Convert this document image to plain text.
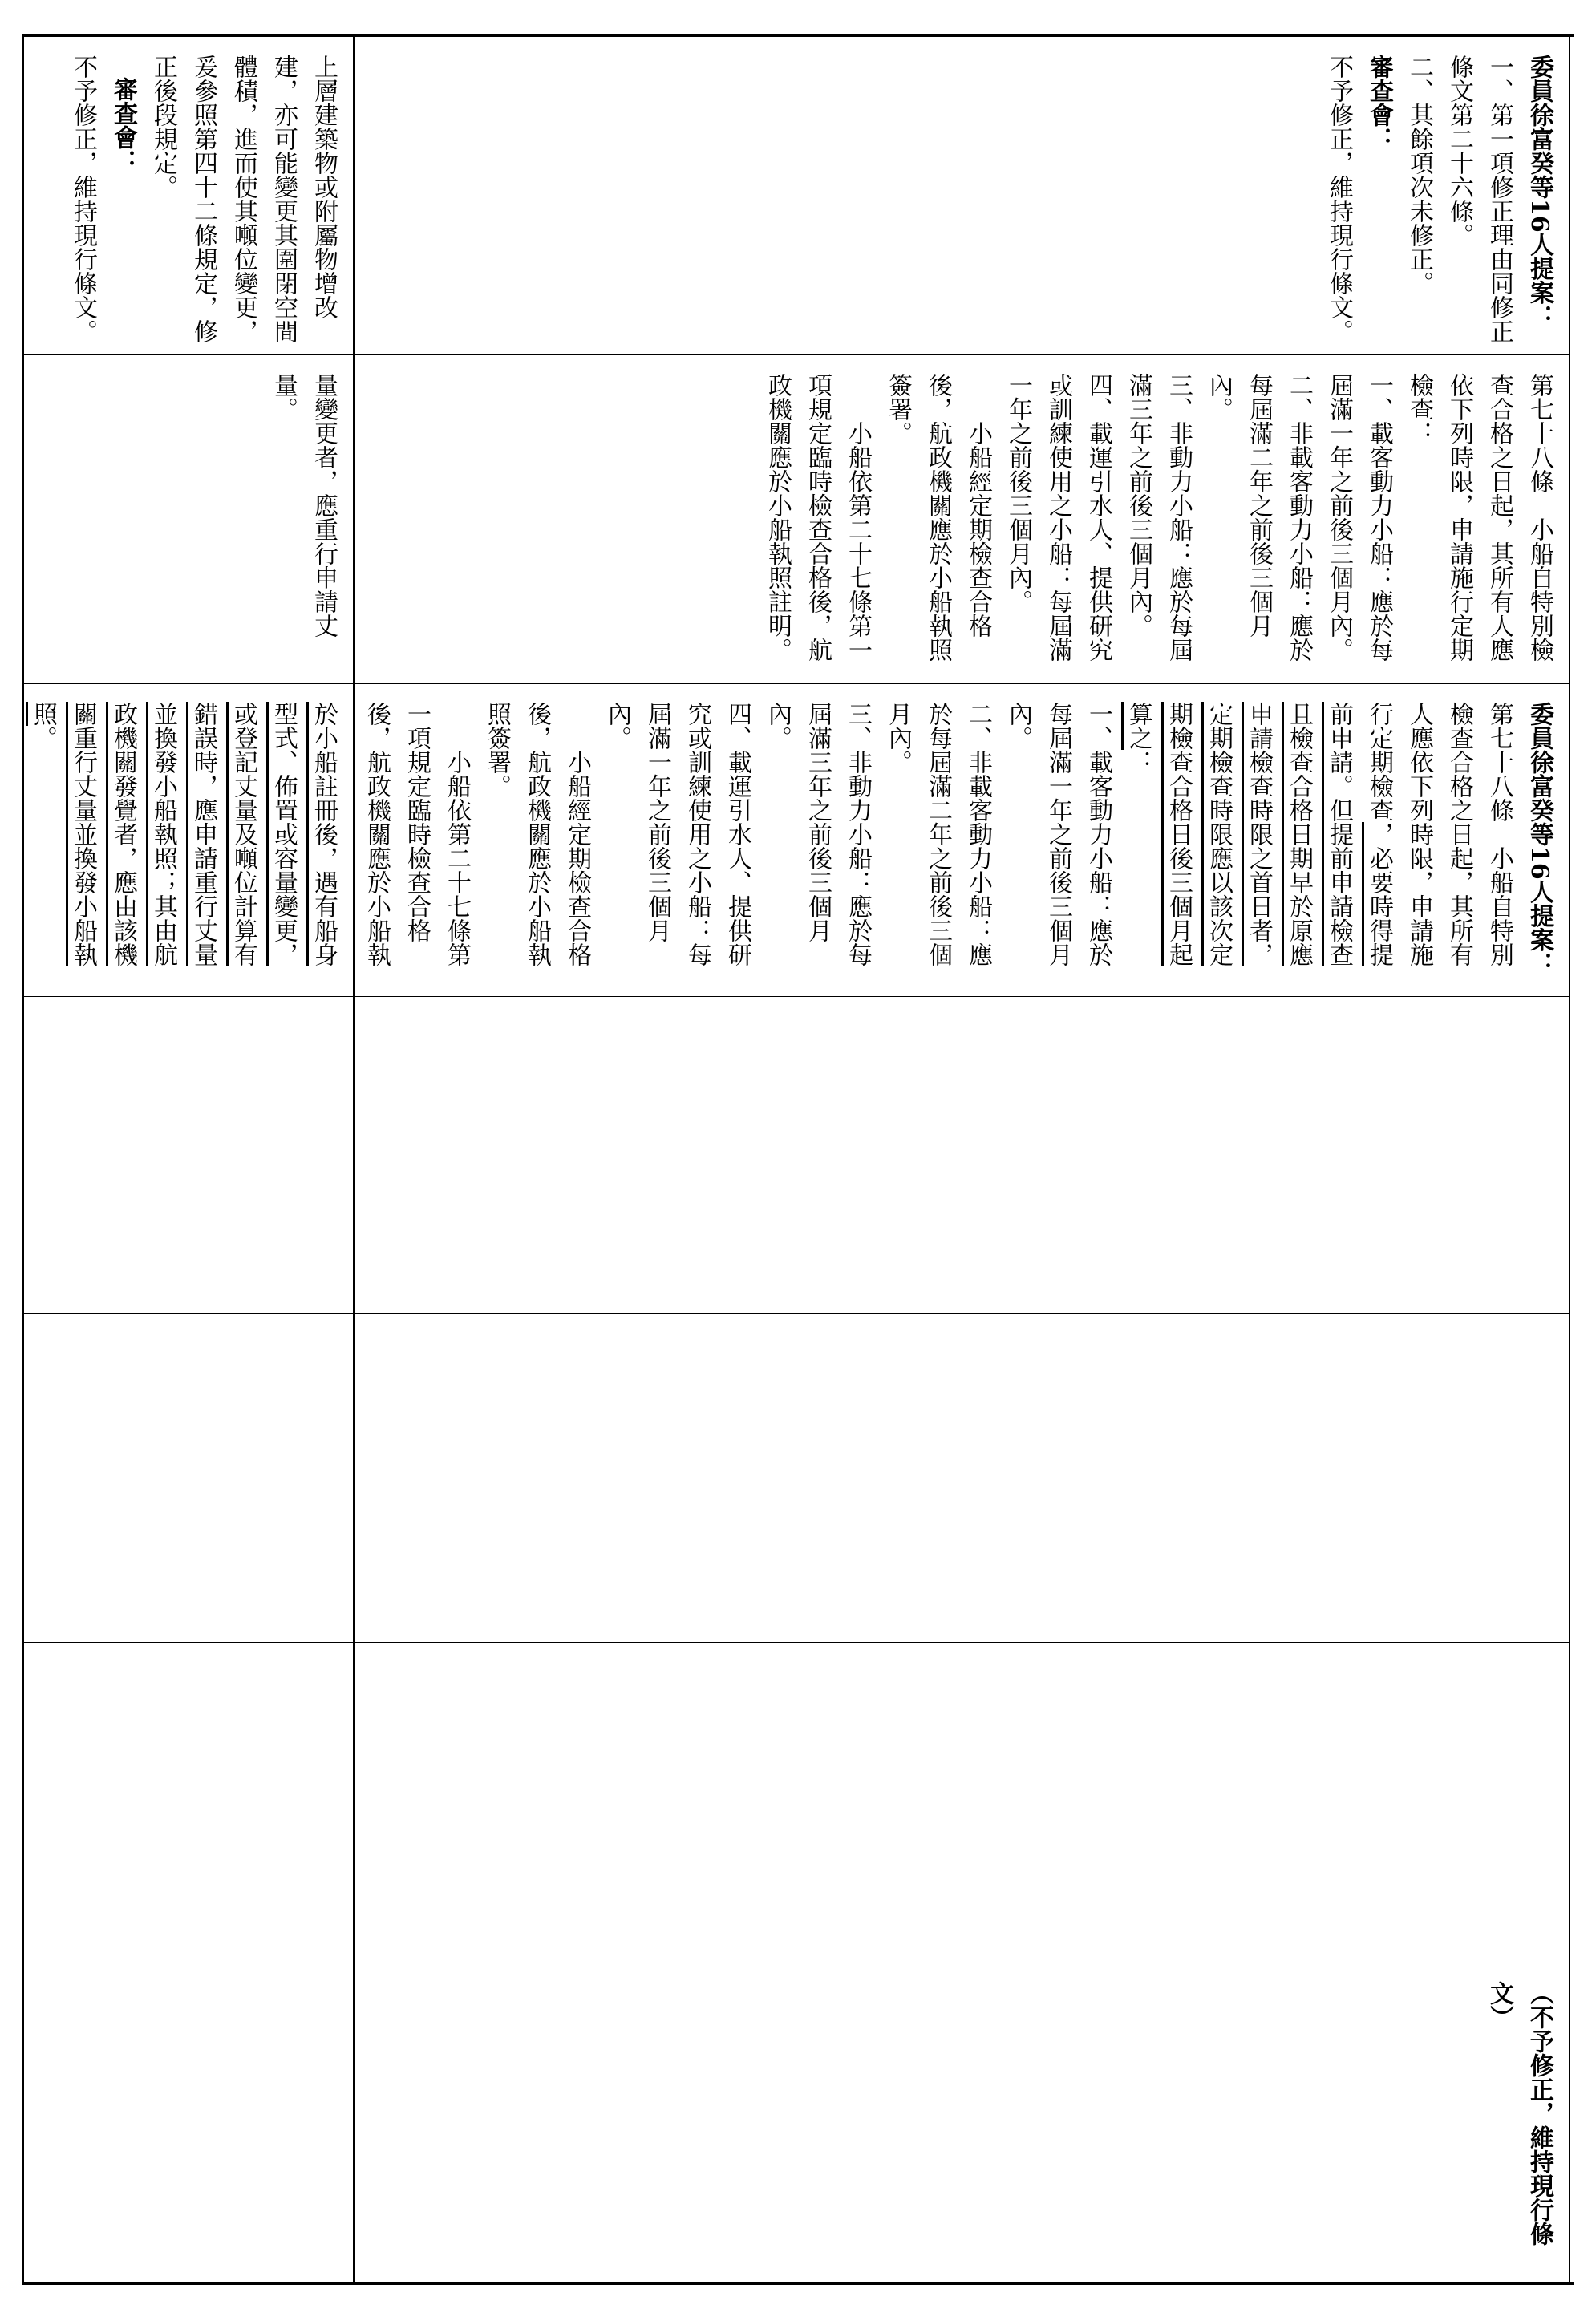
上層建築物或附屬物增改建，亦可能變更其圍閉空間體積，進而使其噸位變更，爰參照第四十二條規定，修正後段規定。

審查會：

不予修正，維持現行條文。

量變更者，應重行申請丈量。

於小船註冊後，遇有船身型式、佈置或容量變更，或登記丈量及噸位計算有錯誤時，應申請重行丈量並換發小船執照；其由航政機關發覺者，應由該機關重行丈量並換發小船執照。

委員徐富癸等16人提案：

一、第一項修正理由同修正條文第二十六條。

二、其餘項次未修正。

審查會：

不予修正，維持現行條文。

第七十八條　小船自特別檢查合格之日起，其所有人應依下列時限，申請施行定期檢查：

一、載客動力小船：應於每屆滿一年之前後三個月內。

二、非載客動力小船：應於每屆滿二年之前後三個月內。

三、非動力小船：應於每屆滿三年之前後三個月內。

四、載運引水人、提供研究或訓練使用之小船：每屆滿一年之前後三個月內。

　　小船經定期檢查合格後，航政機關應於小船執照簽署。

　　小船依第二十七條第一項規定臨時檢查合格後，航政機關應於小船執照註明。

委員徐富癸等16人提案：

第七十八條　小船自特別檢查合格之日起，其所有人應依下列時限，申請施行定期檢查，必要時得提前申請。但提前申請檢查且檢查合格日期早於原應申請檢查時限之首日者，定期檢查時限應以該次定期檢查合格日後三個月起算之：

一、載客動力小船：應於每屆滿一年之前後三個月內。

二、非載客動力小船：應於每屆滿二年之前後三個月內。

三、非動力小船：應於每屆滿三年之前後三個月內。

四、載運引水人、提供研究或訓練使用之小船：每屆滿一年之前後三個月內。

　　小船經定期檢查合格後，航政機關應於小船執照簽署。

　　小船依第二十七條第一項規定臨時檢查合格後，航政機關應於小船執

（不予修正，維持現行條文）
